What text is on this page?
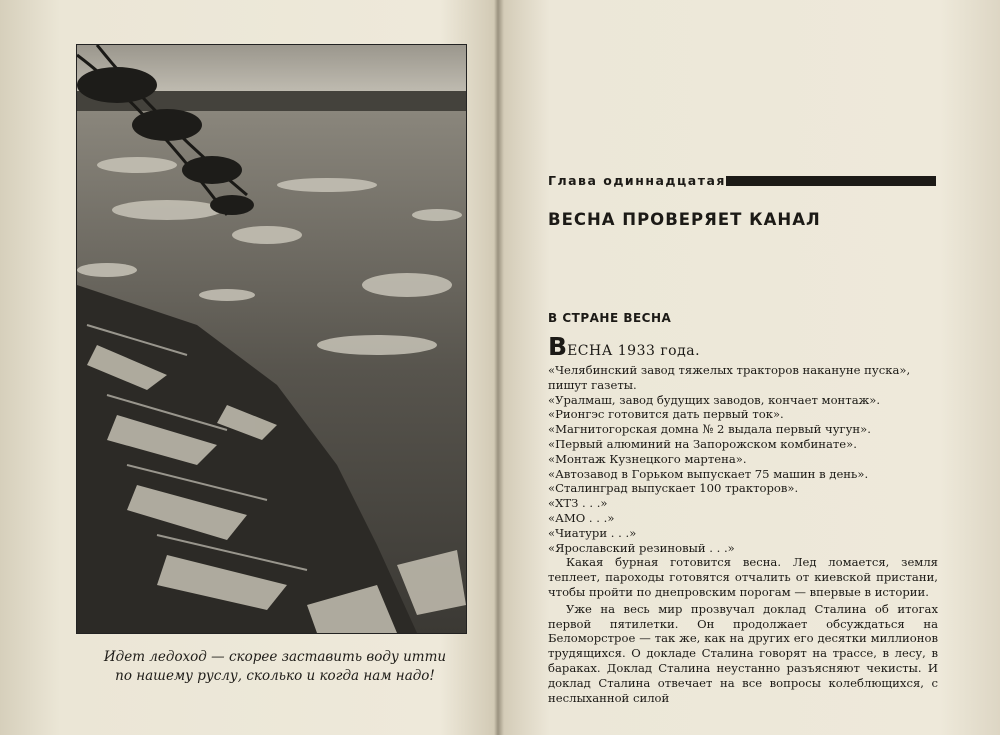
Идет ледоход — скорее заставить воду итти
по нашему руслу, сколько и когда нам надо!
Глава одиннадцатая
ВЕСНА ПРОВЕРЯЕТ КАНАЛ
В СТРАНЕ ВЕСНА

ВЕСНА 1933 года.

«Челябинский завод тяжелых тракторов накануне пуска»,

пишут газеты.

«Уралмаш, завод будущих заводов, кончает монтаж».

«Рионгэс готовится дать первый ток».

«Магнитогорская домна № 2 выдала первый чугун».

«Первый алюминий на Запорожском комбинате».

«Монтаж Кузнецкого мартена».

«Автозавод в Горьком выпускает 75 машин в день».

«Сталинград выпускает 100 тракторов».

«ХТЗ . . .»

«АМО . . .»

«Чиатури . . .»

«Ярославский резиновый . . .»

Какая бурная готовится весна. Лед ломается, земля теплеет, пароходы готовятся отчалить от киевской пристани, чтобы пройти по днепровским порогам — впервые в истории.

Уже на весь мир прозвучал доклад Сталина об итогах первой пятилетки. Он продолжает обсуждаться на Беломорстрое — так же, как на других его десятки миллионов трудящихся. О докладе Сталина говорят на трассе, в лесу, в бараках. Доклад Сталина неустанно разъясняют чекисты. И доклад Сталина отвечает на все вопросы колеблющихся, с неслыханной силой
